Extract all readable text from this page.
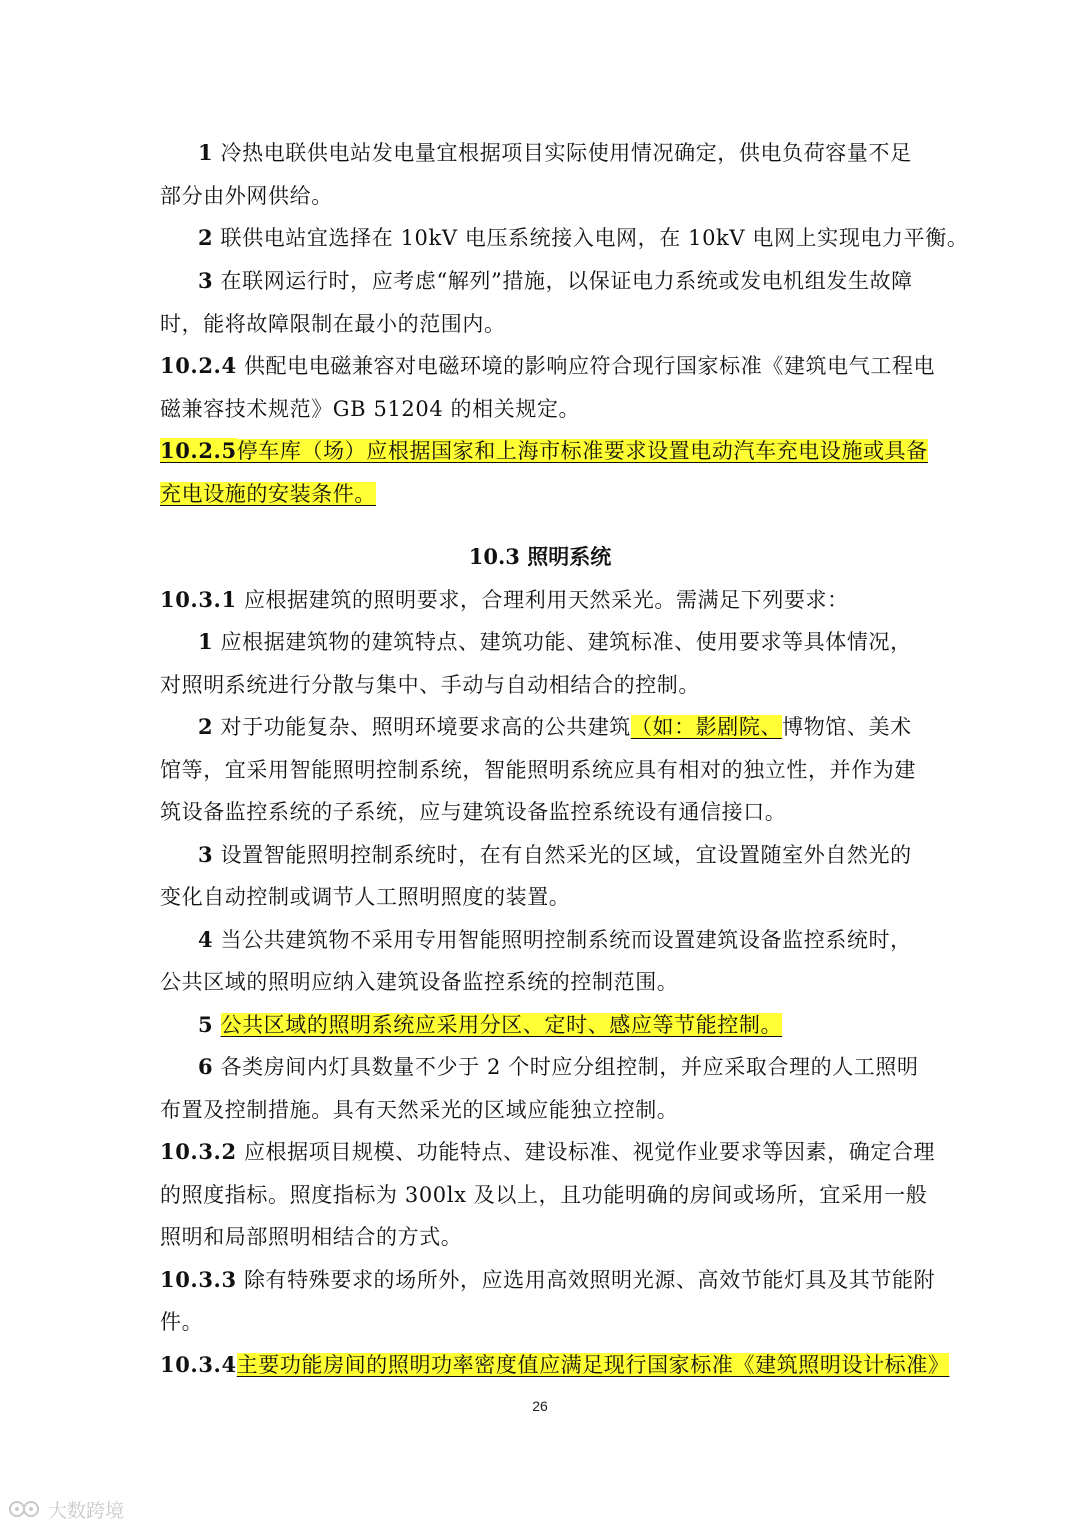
1 冷热电联供电站发电量宜根据项目实际使用情况确定，供电负荷容量不足
部分由外网供给。
2 联供电站宜选择在 10kV 电压系统接入电网，在 10kV 电网上实现电力平衡。
3 在联网运行时，应考虑“解列”措施，以保证电力系统或发电机组发生故障
时，能将故障限制在最小的范围内。
10.2.4 供配电电磁兼容对电磁环境的影响应符合现行国家标准《建筑电气工程电
磁兼容技术规范》GB 51204 的相关规定。
10.2.5停车库（场）应根据国家和上海市标准要求设置电动汽车充电设施或具备
充电设施的安装条件。
10.3 照明系统
10.3.1 应根据建筑的照明要求，合理利用天然采光。需满足下列要求：
1 应根据建筑物的建筑特点、建筑功能、建筑标准、使用要求等具体情况，
对照明系统进行分散与集中、手动与自动相结合的控制。
2 对于功能复杂、照明环境要求高的公共建筑（如：影剧院、博物馆、美术
馆等，宜采用智能照明控制系统，智能照明系统应具有相对的独立性，并作为建
筑设备监控系统的子系统，应与建筑设备监控系统设有通信接口。
3 设置智能照明控制系统时，在有自然采光的区域，宜设置随室外自然光的
变化自动控制或调节人工照明照度的装置。
4 当公共建筑物不采用专用智能照明控制系统而设置建筑设备监控系统时，
公共区域的照明应纳入建筑设备监控系统的控制范围。
5 公共区域的照明系统应采用分区、定时、感应等节能控制。
6 各类房间内灯具数量不少于 2 个时应分组控制，并应采取合理的人工照明
布置及控制措施。具有天然采光的区域应能独立控制。
10.3.2 应根据项目规模、功能特点、建设标准、视觉作业要求等因素，确定合理
的照度指标。照度指标为 300lx 及以上，且功能明确的房间或场所，宜采用一般
照明和局部照明相结合的方式。
10.3.3 除有特殊要求的场所外，应选用高效照明光源、高效节能灯具及其节能附
件。
10.3.4主要功能房间的照明功率密度值应满足现行国家标准《建筑照明设计标准》
26
大数跨境
